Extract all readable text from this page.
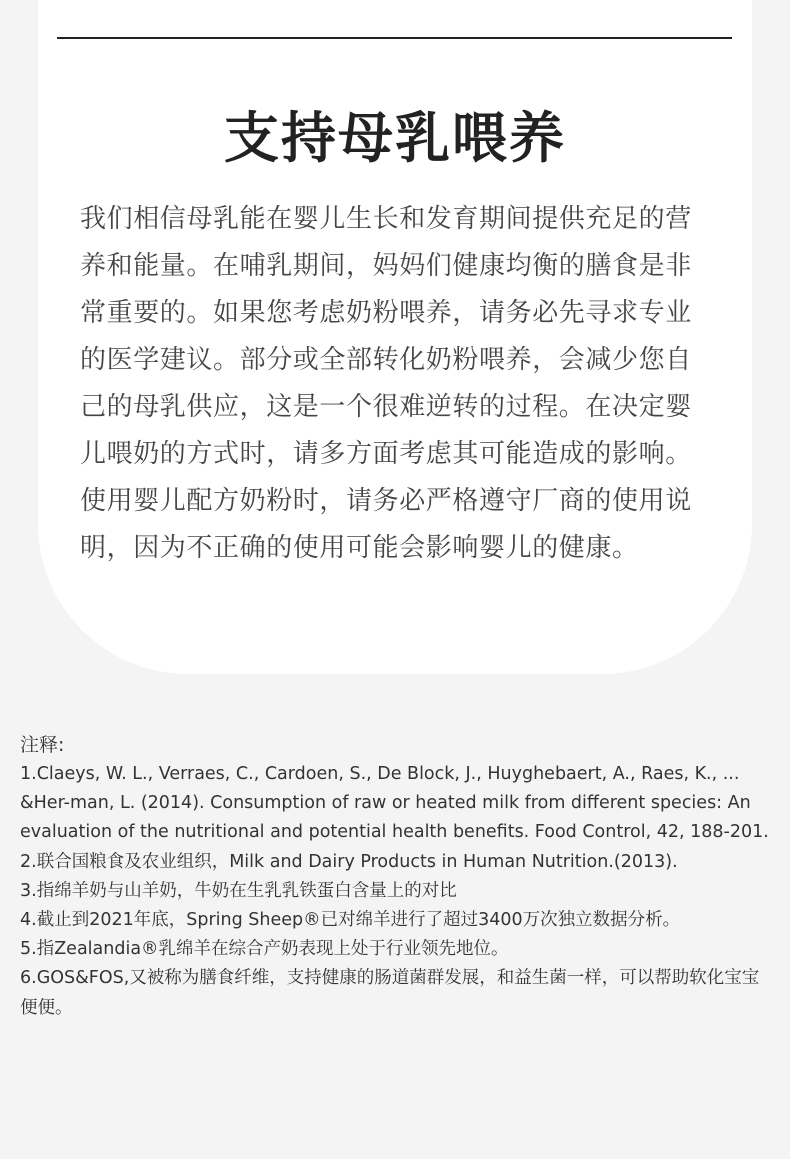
支持母乳喂养

我们相信母乳能在婴儿生长和发育期间提供充足的营养和能量。在哺乳期间，妈妈们健康均衡的膳食是非常重要的。如果您考虑奶粉喂养，请务必先寻求专业的医学建议。部分或全部转化奶粉喂养，会减少您自己的母乳供应，这是一个很难逆转的过程。在决定婴儿喂奶的方式时，请多方面考虑其可能造成的影响。使用婴儿配方奶粉时，请务必严格遵守厂商的使用说明，因为不正确的使用可能会影响婴儿的健康。

注释:

1.Claeys, W. L., Verraes, C., Cardoen, S., De Block, J., Huyghebaert, A., Raes, K., ... &Her-man, L. (2014). Consumption of raw or heated milk from different species: An evaluation of the nutritional and potential health benefits. Food Control, 42, 188-201.
2.联合国粮食及农业组织，Milk and Dairy Products in Human Nutrition.(2013).
3.指绵羊奶与山羊奶，牛奶在生乳乳铁蛋白含量上的对比
4.截止到2021年底，Spring Sheep®已对绵羊进行了超过3400万次独立数据分析。
5.指Zealandia®乳绵羊在综合产奶表现上处于行业领先地位。
6.GOS&FOS,又被称为膳食纤维，支持健康的肠道菌群发展，和益生菌一样，可以帮助软化宝宝便便。
